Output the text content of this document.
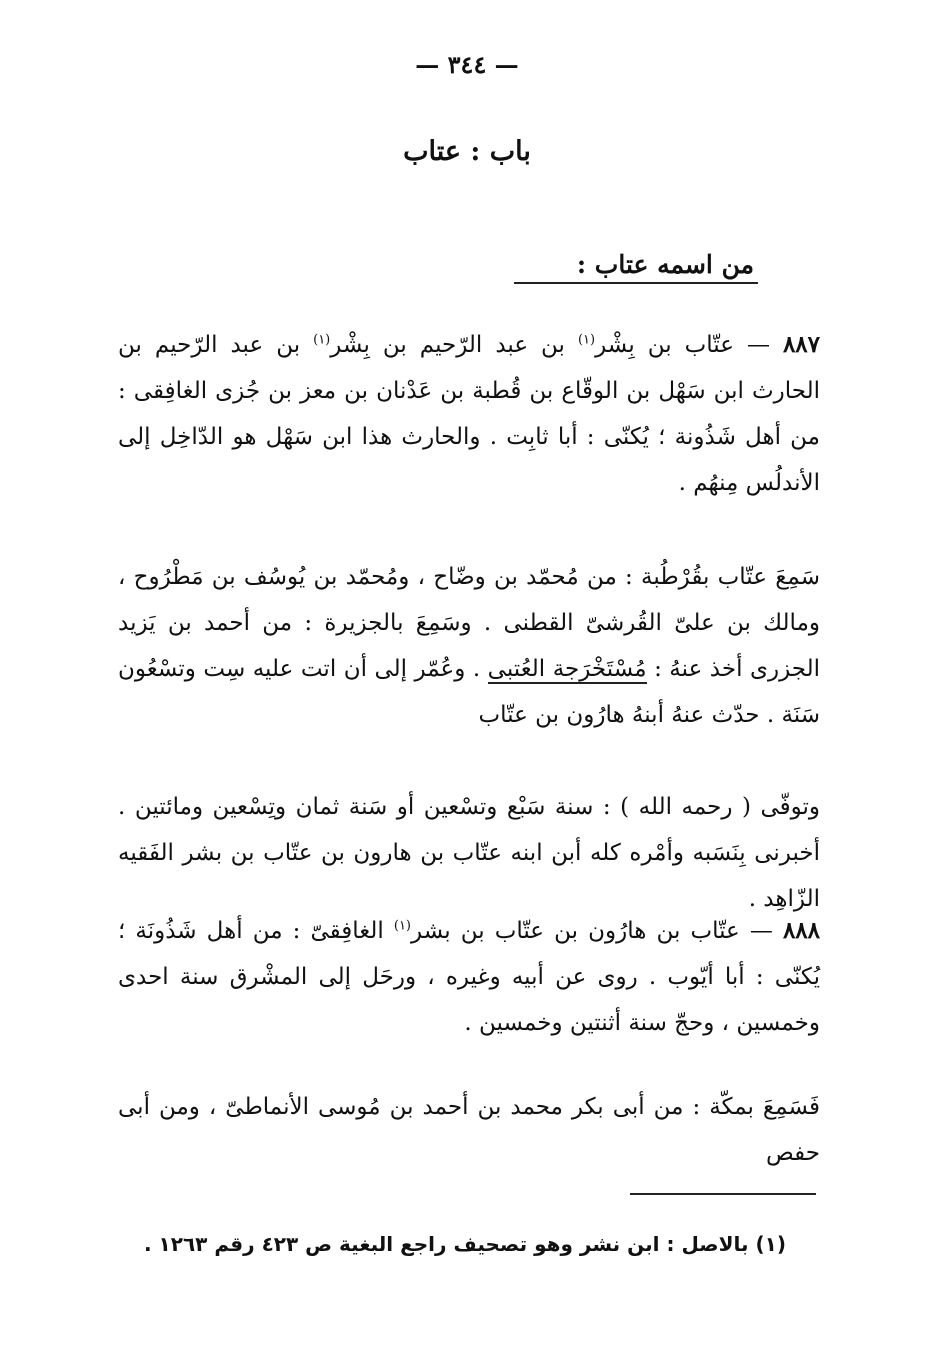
— ٣٤٤ —
باب : عتاب
من اسمه عتاب :

٨٨٧ — عتّاب بن بِشْر$^{(١)}$ بن عبد الرّحيم بن بِشْر$^{(١)}$ بن عبد الرّحيم بن الحارث ابن سَهْل بن الوقّاع بن قُطبة بن عَدْنان بن معز بن جُزى الغافِقى : من أهل شَذُونة ؛ يُكنّى : أبا ثابِت . والحارث هذا ابن سَهْل هو الدّاخِل إلى الأندلُس مِنهُم .

سَمِعَ عتّاب بقُرْطُبة : من مُحمّد بن وضّاح ، ومُحمّد بن يُوسُف بن مَطْرُوح ، ومالك بن علىّ القُرشىّ القطنى . وسَمِعَ بالجزيرة : من أحمد بن يَزيد الجزرى أخذ عنهُ : مُسْتَخْرَجة العُتبى . وعُمّر إلى أن اتت عليه سِت وتسْعُون سَنَة . حدّث عنهُ أبنهُ هارُون بن عتّاب

وتوفّى ( رحمه الله ) : سنة سَبْع وتسْعين أو سَنة ثمان وتِسْعين ومائتين . أخبرنى بِنَسَبه وأمْره كله أبن ابنه عتّاب بن هارون بن عتّاب بن بشر الفَقيه الزّاهِد .

٨٨٨ — عتّاب بن هارُون بن عتّاب بن بشر$^{(١)}$ الغافِقىّ : من أهل شَذُونَة ؛ يُكنّى : أبا أيّوب . روى عن أبيه وغيره ، ورحَل إلى المشْرق سنة احدى وخمسين ، وحجّ سنة أثنتين وخمسين .

فَسَمِعَ بمكّة : من أبى بكر محمد بن أحمد بن مُوسى الأنماطىّ ، ومن أبى حفص

(١) بالاصل : ابن نشر وهو تصحيف راجع البغية ص ٤٢٣ رقم ١٢٦٣ .
